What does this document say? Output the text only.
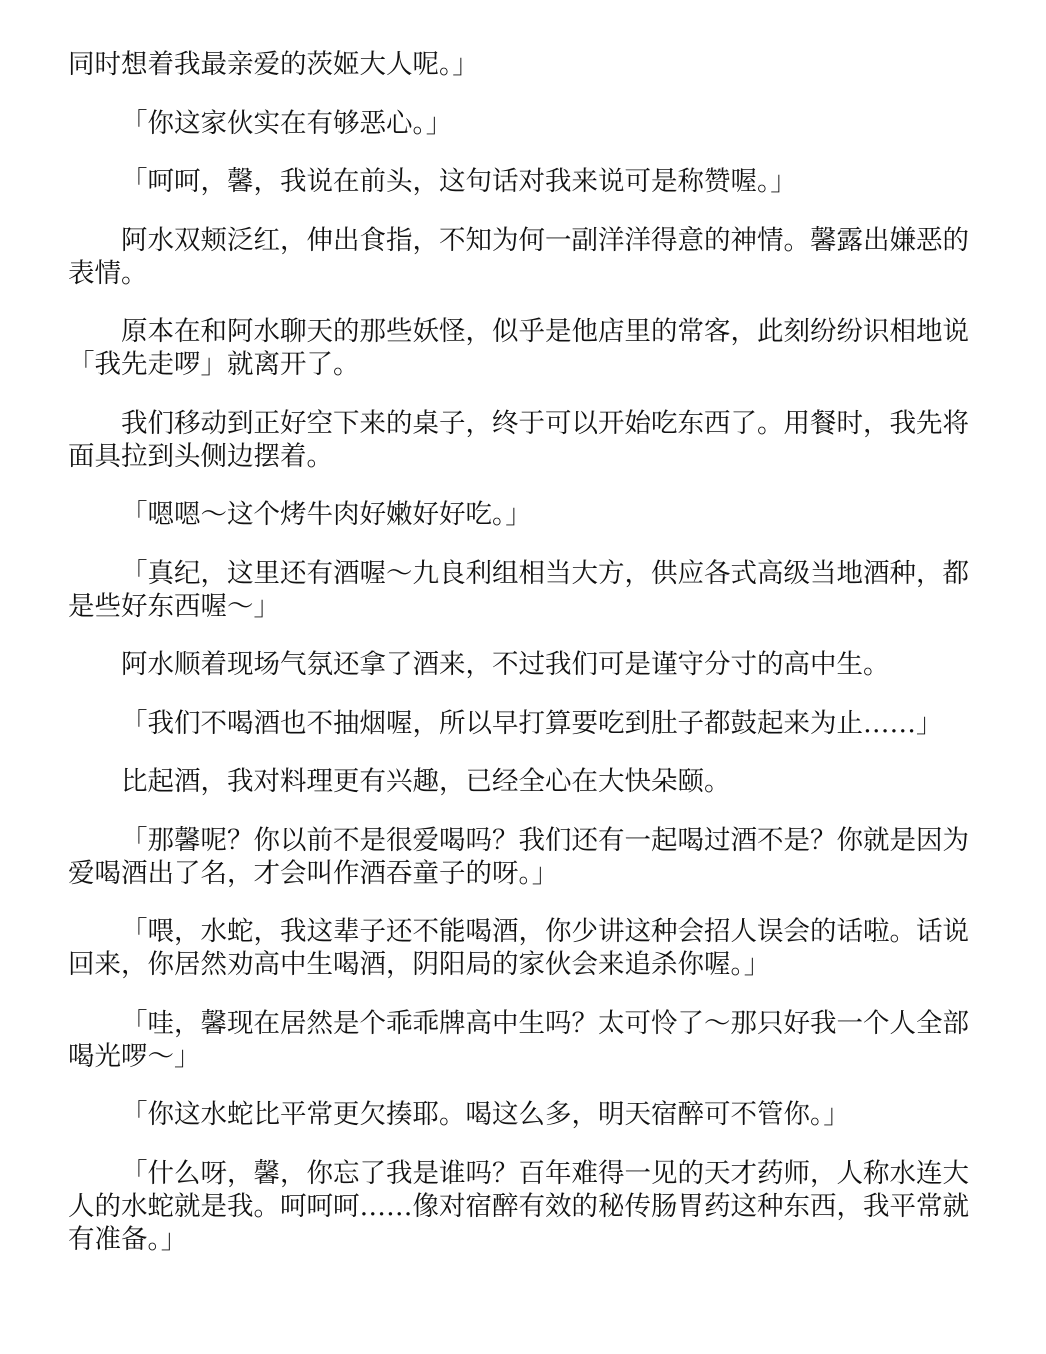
同时想着我最亲爱的茨姬大人呢。」

「你这家伙实在有够恶心。」

「呵呵，馨，我说在前头，这句话对我来说可是称赞喔。」

阿水双颊泛红，伸出食指，不知为何一副洋洋得意的神情。馨露出嫌恶的表情。

原本在和阿水聊天的那些妖怪，似乎是他店里的常客，此刻纷纷识相地说「我先走啰」就离开了。

我们移动到正好空下来的桌子，终于可以开始吃东西了。用餐时，我先将面具拉到头侧边摆着。

「嗯嗯～这个烤牛肉好嫩好好吃。」

「真纪，这里还有酒喔～九良利组相当大方，供应各式高级当地酒种，都是些好东西喔～」

阿水顺着现场气氛还拿了酒来，不过我们可是谨守分寸的高中生。

「我们不喝酒也不抽烟喔，所以早打算要吃到肚子都鼓起来为止……」

比起酒，我对料理更有兴趣，已经全心在大快朵颐。

「那馨呢？你以前不是很爱喝吗？我们还有一起喝过酒不是？你就是因为爱喝酒出了名，才会叫作酒吞童子的呀。」

「喂，水蛇，我这辈子还不能喝酒，你少讲这种会招人误会的话啦。话说回来，你居然劝高中生喝酒，阴阳局的家伙会来追杀你喔。」

「哇，馨现在居然是个乖乖牌高中生吗？太可怜了～那只好我一个人全部喝光啰～」

「你这水蛇比平常更欠揍耶。喝这么多，明天宿醉可不管你。」

「什么呀，馨，你忘了我是谁吗？百年难得一见的天才药师，人称水连大人的水蛇就是我。呵呵呵……像对宿醉有效的秘传肠胃药这种东西，我平常就有准备。」
